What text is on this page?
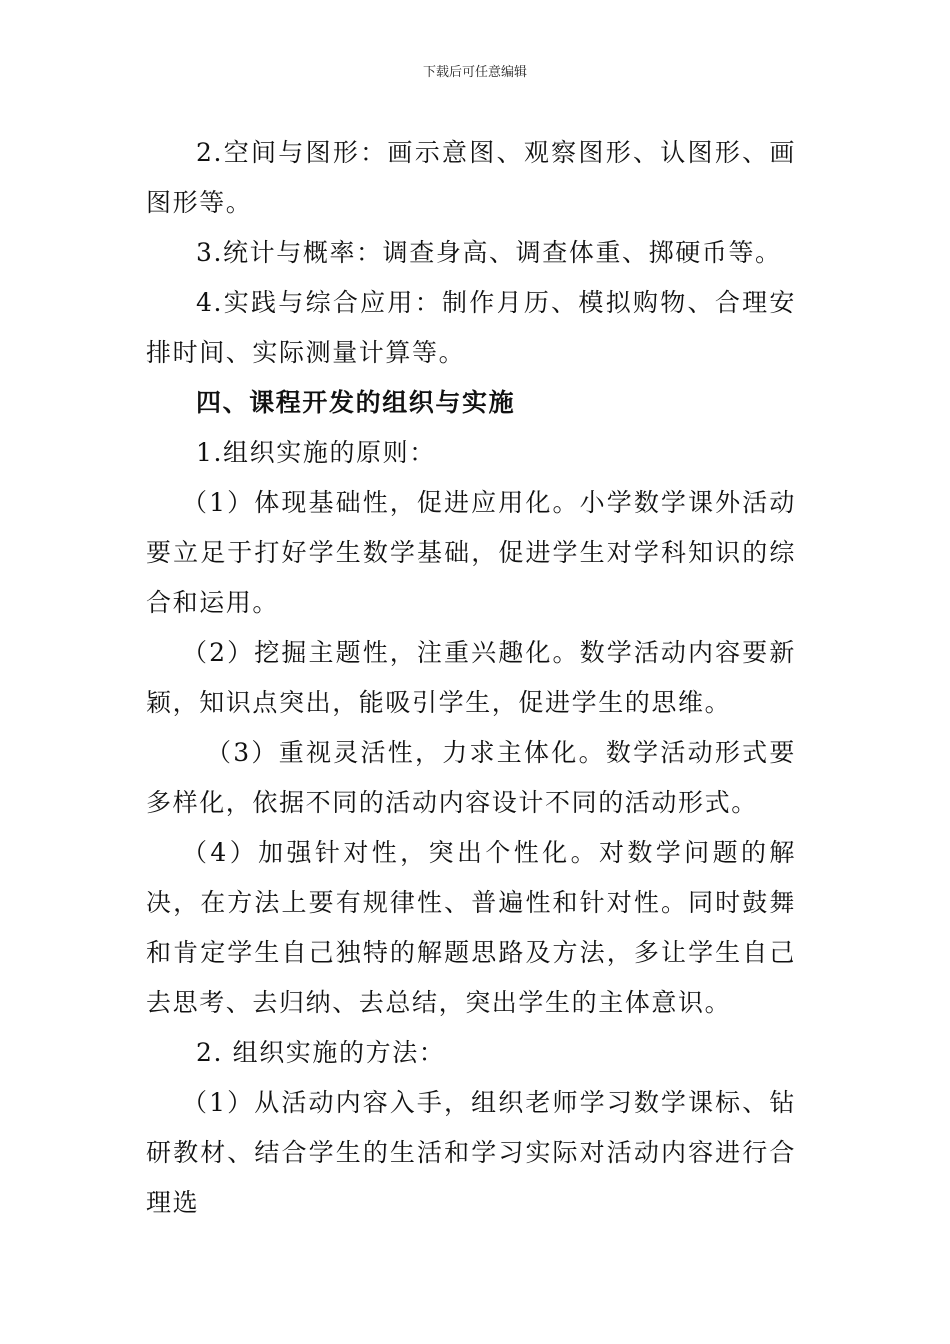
下载后可任意编辑

2.空间与图形：画示意图、观察图形、认图形、画图形等。

3.统计与概率：调查身高、调查体重、掷硬币等。

4.实践与综合应用：制作月历、模拟购物、合理安排时间、实际测量计算等。

四、课程开发的组织与实施

1.组织实施的原则：

（1）体现基础性，促进应用化。小学数学课外活动要立足于打好学生数学基础，促进学生对学科知识的综合和运用。

（2）挖掘主题性，注重兴趣化。数学活动内容要新颖，知识点突出，能吸引学生，促进学生的思维。

（3）重视灵活性，力求主体化。数学活动形式要多样化，依据不同的活动内容设计不同的活动形式。

（4）加强针对性，突出个性化。对数学问题的解决，在方法上要有规律性、普遍性和针对性。同时鼓舞和肯定学生自己独特的解题思路及方法，多让学生自己去思考、去归纳、去总结，突出学生的主体意识。

2. 组织实施的方法：

（1）从活动内容入手，组织老师学习数学课标、钻研教材、结合学生的生活和学习实际对活动内容进行合理选
